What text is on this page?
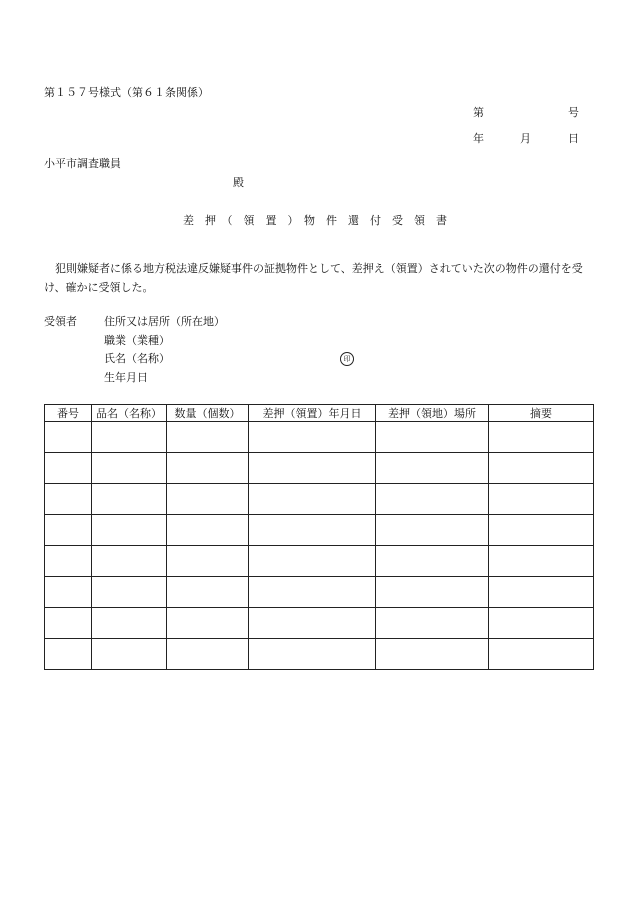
第１５７号様式（第６１条関係）
第	号
年	月	日
小平市調査職員
殿
差　押　（　領　置　）　物　件　還　付　受　領　書
犯則嫌疑者に係る地方税法違反嫌疑事件の証拠物件として、差押え（領置）されていた次の物件の還付を受け、確かに受領した。
受領者 住所又は居所（所在地）
職業（業種）
氏名（名称）	印
生年月日
番号	品名（名称）	数量（個数）	差押（領置）年月日	差押（領地）場所	摘要
